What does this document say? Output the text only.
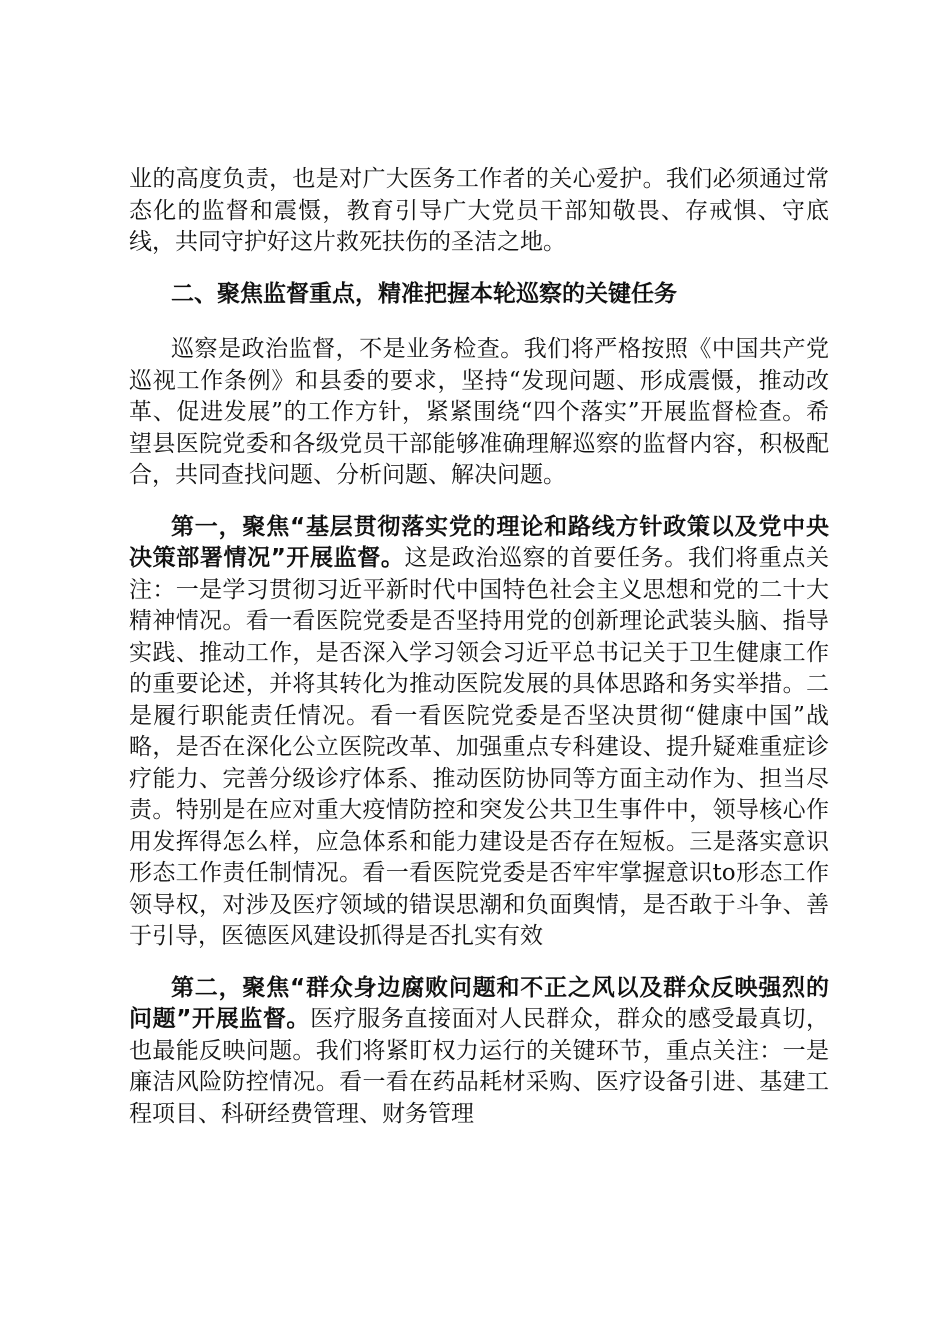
业的高度负责，也是对广大医务工作者的关心爱护。我们必须通过常态化的监督和震慑，教育引导广大党员干部知敬畏、存戒惧、守底线，共同守护好这片救死扶伤的圣洁之地。

二、聚焦监督重点，精准把握本轮巡察的关键任务

巡察是政治监督，不是业务检查。我们将严格按照《中国共产党巡视工作条例》和县委的要求，坚持“发现问题、形成震慑，推动改革、促进发展”的工作方针，紧紧围绕“四个落实”开展监督检查。希望县医院党委和各级党员干部能够准确理解巡察的监督内容，积极配合，共同查找问题、分析问题、解决问题。

第一，聚焦“基层贯彻落实党的理论和路线方针政策以及党中央决策部署情况”开展监督。这是政治巡察的首要任务。我们将重点关注：一是学习贯彻习近平新时代中国特色社会主义思想和党的二十大精神情况。看一看医院党委是否坚持用党的创新理论武装头脑、指导实践、推动工作，是否深入学习领会习近平总书记关于卫生健康工作的重要论述，并将其转化为推动医院发展的具体思路和务实举措。二是履行职能责任情况。看一看医院党委是否坚决贯彻“健康中国”战略，是否在深化公立医院改革、加强重点专科建设、提升疑难重症诊疗能力、完善分级诊疗体系、推动医防协同等方面主动作为、担当尽责。特别是在应对重大疫情防控和突发公共卫生事件中，领导核心作用发挥得怎么样，应急体系和能力建设是否存在短板。三是落实意识形态工作责任制情况。看一看医院党委是否牢牢掌握意识to形态工作领导权，对涉及医疗领域的错误思潮和负面舆情，是否敢于斗争、善于引导，医德医风建设抓得是否扎实有效

第二，聚焦“群众身边腐败问题和不正之风以及群众反映强烈的问题”开展监督。医疗服务直接面对人民群众，群众的感受最真切，也最能反映问题。我们将紧盯权力运行的关键环节，重点关注：一是廉洁风险防控情况。看一看在药品耗材采购、医疗设备引进、基建工程项目、科研经费管理、财务管理
